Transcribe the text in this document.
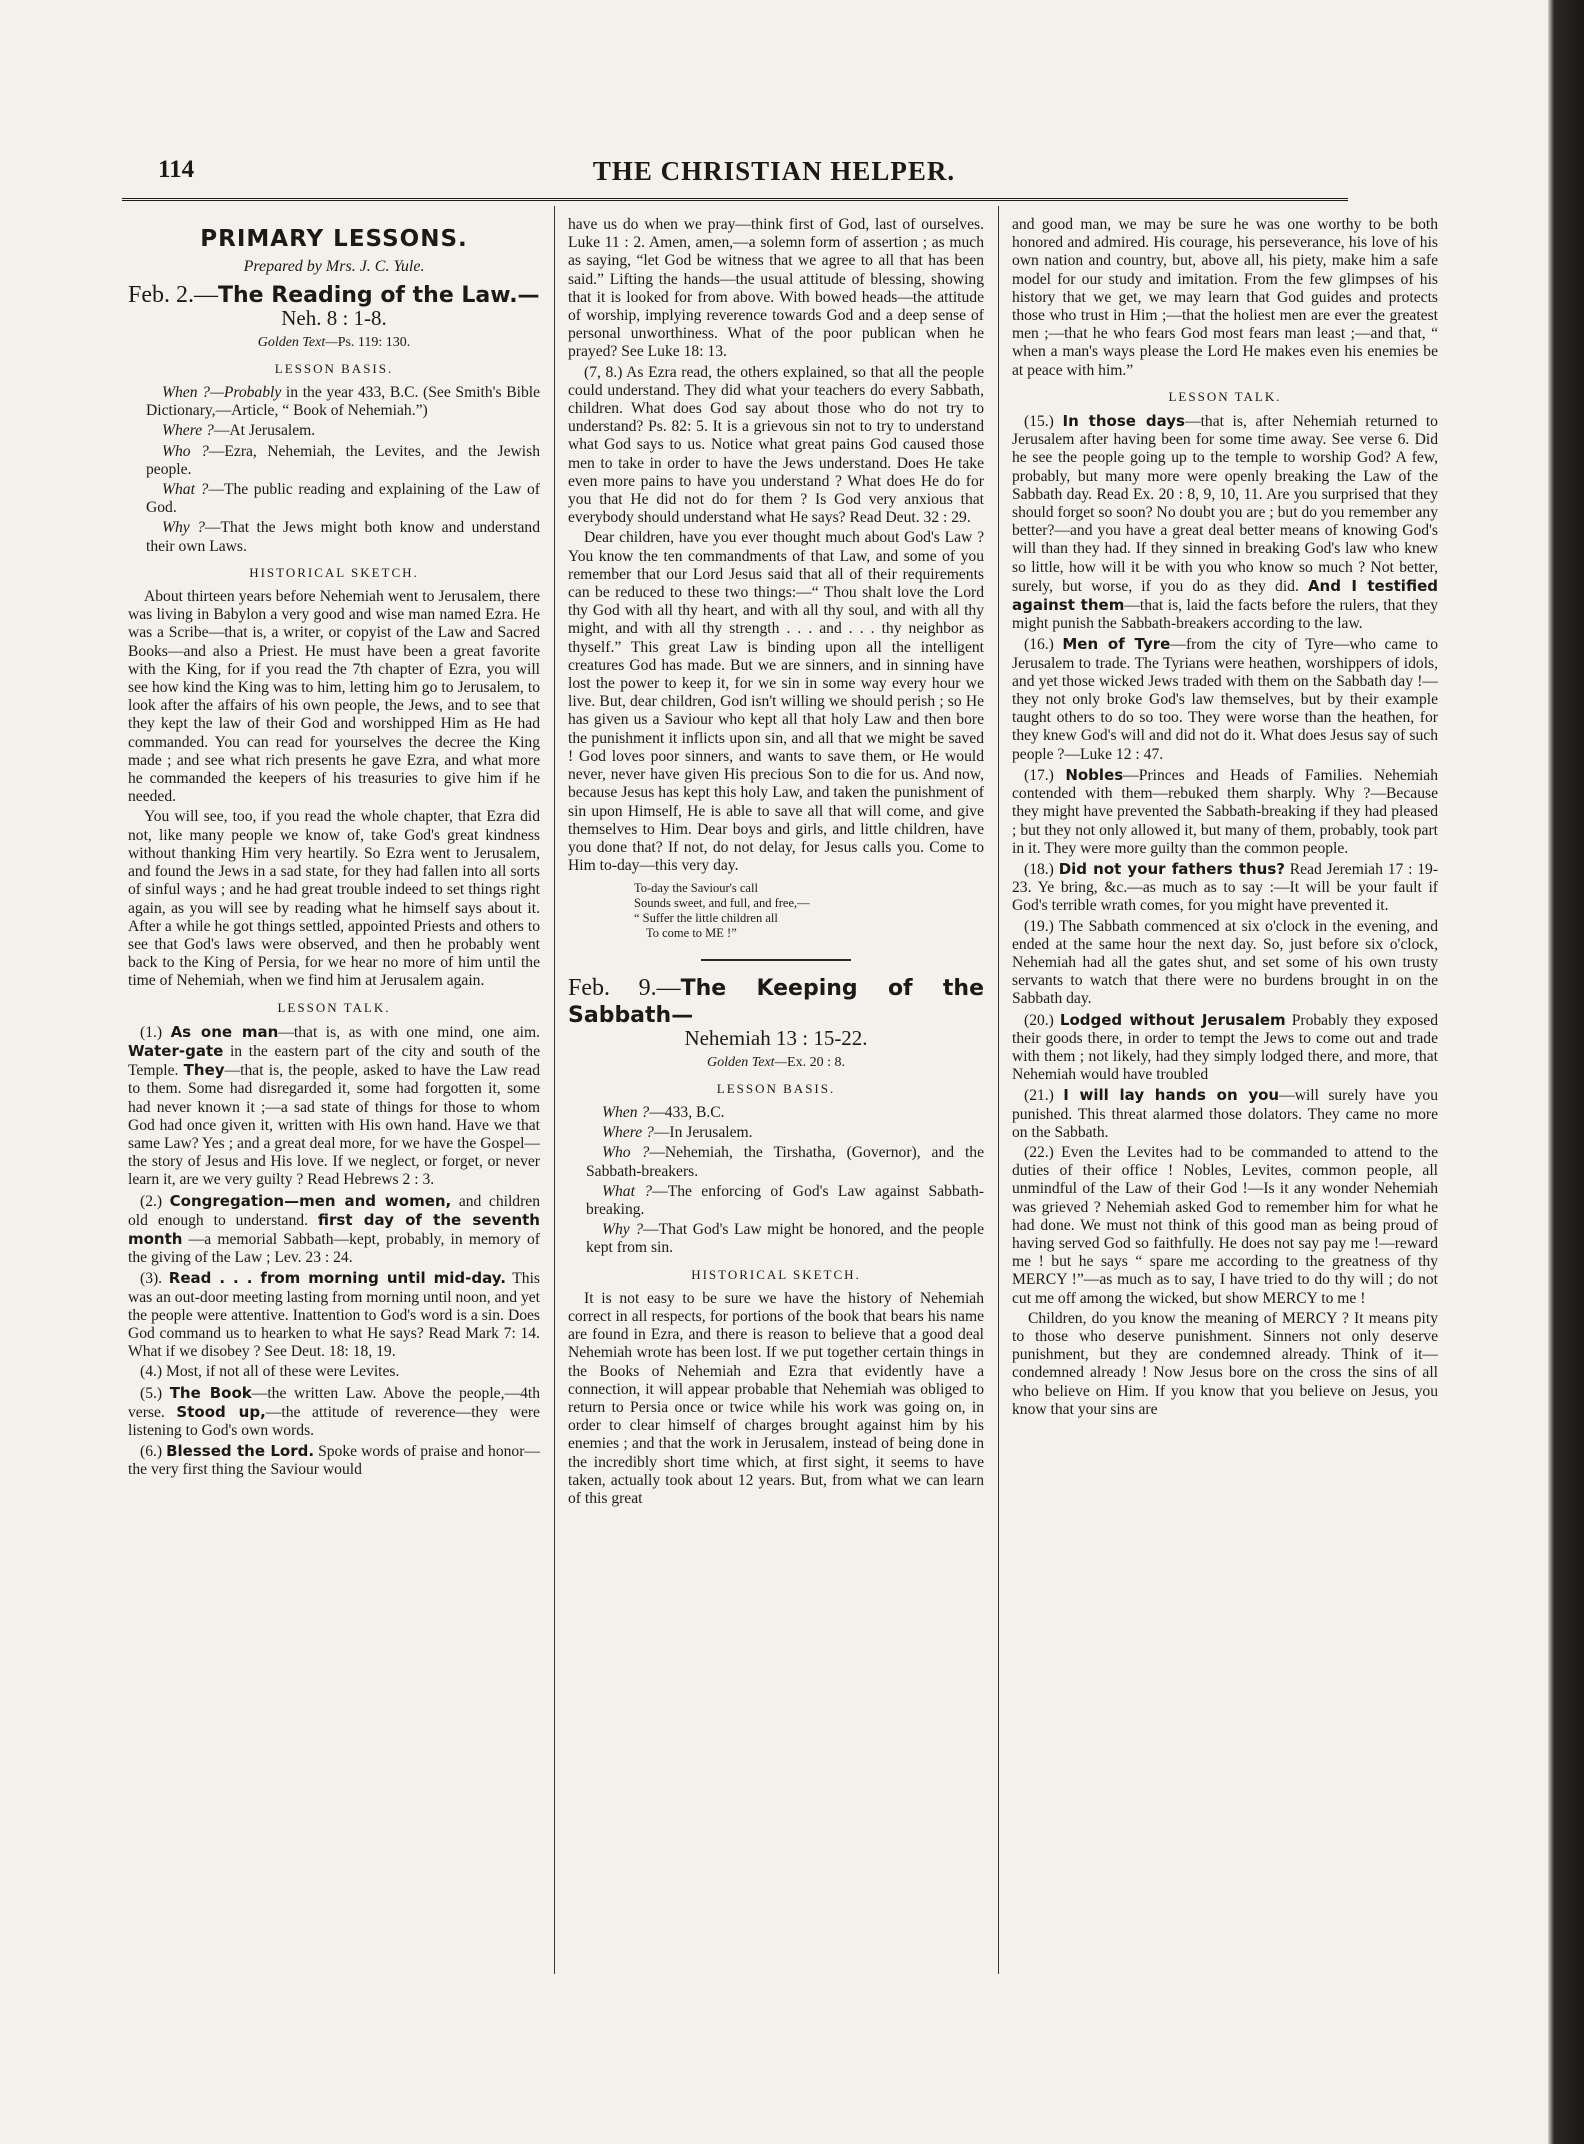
114	THE CHRISTIAN HELPER.
PRIMARY LESSONS.
Prepared by Mrs. J. C. Yule.
Feb. 2.—The Reading of the Law.—
Neh. 8 : 1-8.
Golden Text—Ps. 119: 130.
LESSON BASIS.

When ?—Probably in the year 433, B.C. (See Smith's Bible Dictionary,—Article, “ Book of Nehemiah.”)

Where ?—At Jerusalem.

Who ?—Ezra, Nehemiah, the Levites, and the Jewish people.

What ?—The public reading and explaining of the Law of God.

Why ?—That the Jews might both know and understand their own Laws.

HISTORICAL SKETCH.

About thirteen years before Nehemiah went to Jerusalem, there was living in Babylon a very good and wise man named Ezra. He was a Scribe—that is, a writer, or copyist of the Law and Sacred Books—and also a Priest. He must have been a great favorite with the King, for if you read the 7th chapter of Ezra, you will see how kind the King was to him, letting him go to Jerusalem, to look after the affairs of his own people, the Jews, and to see that they kept the law of their God and worshipped Him as He had commanded. You can read for yourselves the decree the King made ; and see what rich presents he gave Ezra, and what more he commanded the keepers of his treasuries to give him if he needed.

You will see, too, if you read the whole chapter, that Ezra did not, like many people we know of, take God's great kindness without thanking Him very heartily. So Ezra went to Jerusalem, and found the Jews in a sad state, for they had fallen into all sorts of sinful ways ; and he had great trouble indeed to set things right again, as you will see by reading what he himself says about it. After a while he got things settled, appointed Priests and others to see that God's laws were observed, and then he probably went back to the King of Persia, for we hear no more of him until the time of Nehemiah, when we find him at Jerusalem again.

LESSON TALK.

(1.) As one man—that is, as with one mind, one aim. Water-gate in the eastern part of the city and south of the Temple. They—that is, the people, asked to have the Law read to them. Some had disregarded it, some had forgotten it, some had never known it ;—a sad state of things for those to whom God had once given it, written with His own hand. Have we that same Law? Yes ; and a great deal more, for we have the Gospel—the story of Jesus and His love. If we neglect, or forget, or never learn it, are we very guilty ? Read Hebrews 2 : 3.

(2.) Congregation—men and women, and children old enough to understand. first day of the seventh month —a memorial Sabbath—kept, probably, in memory of the giving of the Law ; Lev. 23 : 24.

(3). Read . . . from morning until mid-day. This was an out-door meeting lasting from morning until noon, and yet the people were attentive. Inattention to God's word is a sin. Does God command us to hearken to what He says? Read Mark 7: 14. What if we disobey ? See Deut. 18: 18, 19.

(4.) Most, if not all of these were Levites.

(5.) The Book—the written Law. Above the people,—4th verse. Stood up,—the attitude of reverence—they were listening to God's own words.

(6.) Blessed the Lord. Spoke words of praise and honor—the very first thing the Saviour would

have us do when we pray—think first of God, last of ourselves. Luke 11 : 2. Amen, amen,—a solemn form of assertion ; as much as saying, “let God be witness that we agree to all that has been said.” Lifting the hands—the usual attitude of blessing, showing that it is looked for from above. With bowed heads—the attitude of worship, implying reverence towards God and a deep sense of personal unworthiness. What of the poor publican when he prayed? See Luke 18: 13.

(7, 8.) As Ezra read, the others explained, so that all the people could understand. They did what your teachers do every Sabbath, children. What does God say about those who do not try to understand? Ps. 82: 5. It is a grievous sin not to try to understand what God says to us. Notice what great pains God caused those men to take in order to have the Jews understand. Does He take even more pains to have you understand ? What does He do for you that He did not do for them ? Is God very anxious that everybody should understand what He says? Read Deut. 32 : 29.

Dear children, have you ever thought much about God's Law ? You know the ten commandments of that Law, and some of you remember that our Lord Jesus said that all of their requirements can be reduced to these two things:—“ Thou shalt love the Lord thy God with all thy heart, and with all thy soul, and with all thy might, and with all thy strength . . . and . . . thy neighbor as thyself.” This great Law is binding upon all the intelligent creatures God has made. But we are sinners, and in sinning have lost the power to keep it, for we sin in some way every hour we live. But, dear children, God isn't willing we should perish ; so He has given us a Saviour who kept all that holy Law and then bore the punishment it inflicts upon sin, and all that we might be saved ! God loves poor sinners, and wants to save them, or He would never, never have given His precious Son to die for us. And now, because Jesus has kept this holy Law, and taken the punishment of sin upon Himself, He is able to save all that will come, and give themselves to Him. Dear boys and girls, and little children, have you done that? If not, do not delay, for Jesus calls you. Come to Him to-day—this very day.

To-day the Saviour's call
Sounds sweet, and full, and free,—
“ Suffer the little children all
To come to ME !”
Feb. 9.—The Keeping of the Sabbath—
Nehemiah 13 : 15-22.
Golden Text—Ex. 20 : 8.
LESSON BASIS.

When ?—433, B.C.

Where ?—In Jerusalem.

Who ?—Nehemiah, the Tirshatha, (Governor), and the Sabbath-breakers.

What ?—The enforcing of God's Law against Sabbath-breaking.

Why ?—That God's Law might be honored, and the people kept from sin.

HISTORICAL SKETCH.

It is not easy to be sure we have the history of Nehemiah correct in all respects, for portions of the book that bears his name are found in Ezra, and there is reason to believe that a good deal Nehemiah wrote has been lost. If we put together certain things in the Books of Nehemiah and Ezra that evidently have a connection, it will appear probable that Nehemiah was obliged to return to Persia once or twice while his work was going on, in order to clear himself of charges brought against him by his enemies ; and that the work in Jerusalem, instead of being done in the incredibly short time which, at first sight, it seems to have taken, actually took about 12 years. But, from what we can learn of this great

and good man, we may be sure he was one worthy to be both honored and admired. His courage, his perseverance, his love of his own nation and country, but, above all, his piety, make him a safe model for our study and imitation. From the few glimpses of his history that we get, we may learn that God guides and protects those who trust in Him ;—that the holiest men are ever the greatest men ;—that he who fears God most fears man least ;—and that, “ when a man's ways please the Lord He makes even his enemies be at peace with him.”

LESSON TALK.

(15.) In those days—that is, after Nehemiah returned to Jerusalem after having been for some time away. See verse 6. Did he see the people going up to the temple to worship God? A few, probably, but many more were openly breaking the Law of the Sabbath day. Read Ex. 20 : 8, 9, 10, 11. Are you surprised that they should forget so soon? No doubt you are ; but do you remember any better?—and you have a great deal better means of knowing God's will than they had. If they sinned in breaking God's law who knew so little, how will it be with you who know so much ? Not better, surely, but worse, if you do as they did. And I testified against them—that is, laid the facts before the rulers, that they might punish the Sabbath-breakers according to the law.

(16.) Men of Tyre—from the city of Tyre—who came to Jerusalem to trade. The Tyrians were heathen, worshippers of idols, and yet those wicked Jews traded with them on the Sabbath day !—they not only broke God's law themselves, but by their example taught others to do so too. They were worse than the heathen, for they knew God's will and did not do it. What does Jesus say of such people ?—Luke 12 : 47.

(17.) Nobles—Princes and Heads of Families. Nehemiah contended with them—rebuked them sharply. Why ?—Because they might have prevented the Sabbath-breaking if they had pleased ; but they not only allowed it, but many of them, probably, took part in it. They were more guilty than the common people.

(18.) Did not your fathers thus? Read Jeremiah 17 : 19-23. Ye bring, &c.—as much as to say :—It will be your fault if God's terrible wrath comes, for you might have prevented it.

(19.) The Sabbath commenced at six o'clock in the evening, and ended at the same hour the next day. So, just before six o'clock, Nehemiah had all the gates shut, and set some of his own trusty servants to watch that there were no burdens brought in on the Sabbath day.

(20.) Lodged without Jerusalem Probably they exposed their goods there, in order to tempt the Jews to come out and trade with them ; not likely, had they simply lodged there, and more, that Nehemiah would have troubled

(21.) I will lay hands on you—will surely have you punished. This threat alarmed those dolators. They came no more on the Sabbath.

(22.) Even the Levites had to be commanded to attend to the duties of their office ! Nobles, Levites, common people, all unmindful of the Law of their God !—Is it any wonder Nehemiah was grieved ? Nehemiah asked God to remember him for what he had done. We must not think of this good man as being proud of having served God so faithfully. He does not say pay me !—reward me ! but he says “ spare me according to the greatness of thy MERCY !”—as much as to say, I have tried to do thy will ; do not cut me off among the wicked, but show MERCY to me !

Children, do you know the meaning of MERCY ? It means pity to those who deserve punishment. Sinners not only deserve punishment, but they are condemned already. Think of it—condemned already ! Now Jesus bore on the cross the sins of all who believe on Him. If you know that you believe on Jesus, you know that your sins are
